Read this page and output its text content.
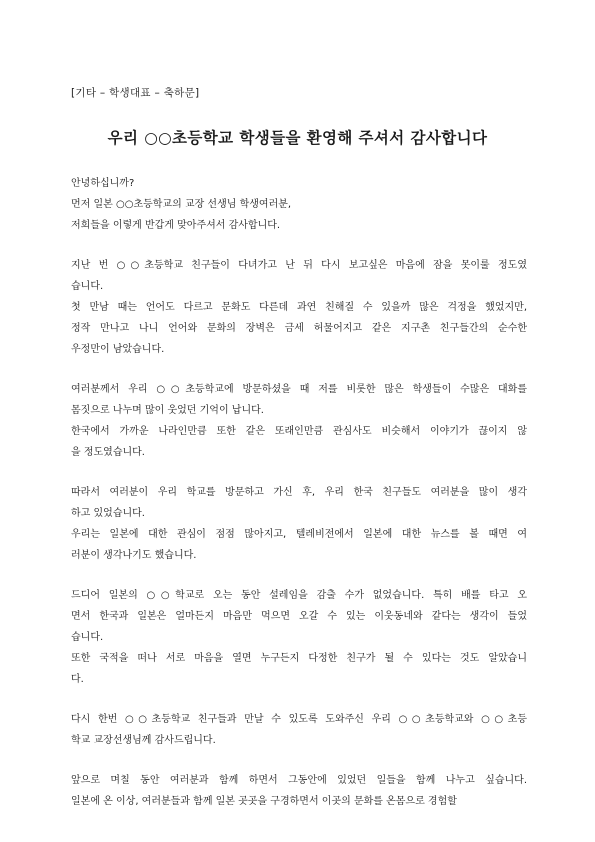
[기타 – 학생대표 – 축하문]
우리 ○○초등학교 학생들을 환영해 주셔서 감사합니다
안녕하십니까?
먼저 일본 ○○초등학교의 교장 선생님 학생여러분,
저희들을 이렇게 반갑게 맞아주셔서 감사합니다.
지난 번 ○○초등학교 친구들이 다녀가고 난 뒤 다시 보고싶은 마음에 잠을 못이룰 정도였
습니다.
첫 만남 때는 언어도 다르고 문화도 다른데 과연 친해질 수 있을까 많은 걱정을 했었지만,
정작 만나고 나니 언어와 문화의 장벽은 금세 허물어지고 같은 지구촌 친구들간의 순수한
우정만이 남았습니다.
여러분께서 우리 ○○초등학교에 방문하셨을 때 저를 비롯한 많은 학생들이 수많은 대화를
몸짓으로 나누며 많이 웃었던 기억이 납니다.
한국에서 가까운 나라인만큼 또한 같은 또래인만큼 관심사도 비슷해서 이야기가 끊이지 않
을 정도였습니다.
따라서 여러분이 우리 학교를 방문하고 가신 후, 우리 한국 친구들도 여러분을 많이 생각
하고 있었습니다.
우리는 일본에 대한 관심이 점점 많아지고, 텔레비전에서 일본에 대한 뉴스를 볼 때면 여
러분이 생각나기도 했습니다.
드디어 일본의 ○○학교로 오는 동안 설레임을 감출 수가 없었습니다. 특히 배를 타고 오
면서 한국과 일본은 얼마든지 마음만 먹으면 오갈 수 있는 이웃동네와 같다는 생각이 들었
습니다.
또한 국적을 떠나 서로 마음을 열면 누구든지 다정한 친구가 될 수 있다는 것도 알았습니
다.
다시 한번 ○○초등학교 친구들과 만날 수 있도록 도와주신 우리 ○○초등학교와 ○○초등
학교 교장선생님께 감사드립니다.
앞으로 며칠 동안 여러분과 함께 하면서 그동안에 있었던 일들을 함께 나누고 싶습니다.
일본에 온 이상, 여러분들과 함께 일본 곳곳을 구경하면서 이곳의 문화를 온몸으로 경험할
